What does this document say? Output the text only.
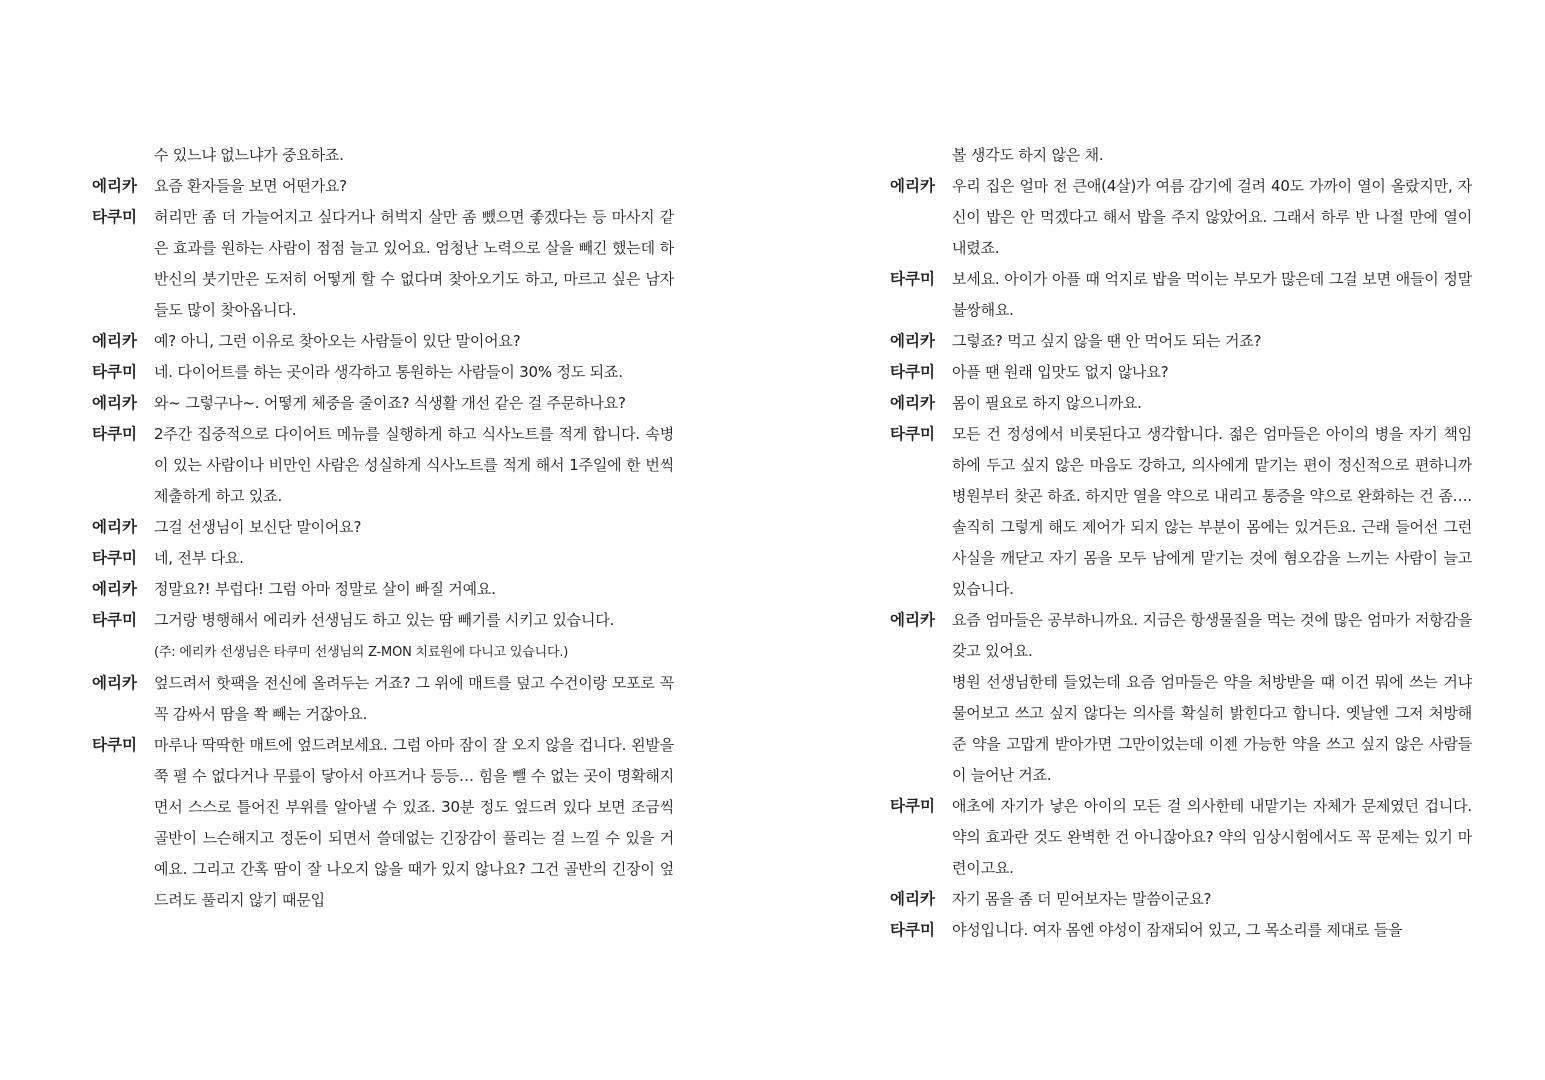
수 있느냐 없느냐가 중요하죠.

에리카	요즘 환자들을 보면 어떤가요?

타쿠미	허리만 좀 더 가늘어지고 싶다거나 허벅지 살만 좀 뺐으면 좋겠다는 등 마사지 같은 효과를 원하는 사람이 점점 늘고 있어요. 엄청난 노력으로 살을 빼긴 했는데 하반신의 붓기만은 도저히 어떻게 할 수 없다며 찾아오기도 하고, 마르고 싶은 남자들도 많이 찾아옵니다.

에리카	예? 아니, 그런 이유로 찾아오는 사람들이 있단 말이어요?

타쿠미	네. 다이어트를 하는 곳이라 생각하고 통원하는 사람들이 30% 정도 되죠.

에리카	와~ 그렇구나~. 어떻게 체중을 줄이죠? 식생활 개선 같은 걸 주문하나요?

타쿠미	2주간 집중적으로 다이어트 메뉴를 실행하게 하고 식사노트를 적게 합니다. 속병이 있는 사람이나 비만인 사람은 성실하게 식사노트를 적게 해서 1주일에 한 번씩 제출하게 하고 있죠.

에리카	그걸 선생님이 보신단 말이어요?

타쿠미	네, 전부 다요.

에리카	정말요?! 부럽다! 그럼 아마 정말로 살이 빠질 거예요.

타쿠미	그거랑 병행해서 에리카 선생님도 하고 있는 땀 빼기를 시키고 있습니다.
(주: 에리카 선생님은 타쿠미 선생님의 Z-MON 치료원에 다니고 있습니다.)
에리카	엎드려서 핫팩을 전신에 올려두는 거죠? 그 위에 매트를 덮고 수건이랑 모포로 꼭꼭 감싸서 땀을 쫙 빼는 거잖아요.

타쿠미	마루나 딱딱한 매트에 엎드려보세요. 그럼 아마 잠이 잘 오지 않을 겁니다. 왼발을 쭉 펼 수 없다거나 무릎이 닿아서 아프거나 등등… 힘을 뺄 수 없는 곳이 명확해지면서 스스로 틀어진 부위를 알아낼 수 있죠. 30분 정도 엎드려 있다 보면 조금씩 골반이 느슨해지고 정돈이 되면서 쓸데없는 긴장감이 풀리는 걸 느낄 수 있을 거예요. 그리고 간혹 땀이 잘 나오지 않을 때가 있지 않나요? 그건 골반의 긴장이 엎드려도 풀리지 않기 때문입

볼 생각도 하지 않은 채.

에리카	우리 집은 얼마 전 큰애(4살)가 여름 감기에 걸려 40도 가까이 열이 올랐지만, 자신이 밥은 안 먹겠다고 해서 밥을 주지 않았어요. 그래서 하루 반 나절 만에 열이 내렸죠.

타쿠미	보세요. 아이가 아플 때 억지로 밥을 먹이는 부모가 많은데 그걸 보면 애들이 정말 불쌍해요.

에리카	그렇죠? 먹고 싶지 않을 땐 안 먹어도 되는 거죠?

타쿠미	아플 땐 원래 입맛도 없지 않나요?

에리카	몸이 필요로 하지 않으니까요.

타쿠미	모든 건 정성에서 비롯된다고 생각합니다. 젊은 엄마들은 아이의 병을 자기 책임하에 두고 싶지 않은 마음도 강하고, 의사에게 맡기는 편이 정신적으로 편하니까 병원부터 찾곤 하죠. 하지만 열을 약으로 내리고 통증을 약으로 완화하는 건 좀…. 솔직히 그렇게 해도 제어가 되지 않는 부분이 몸에는 있거든요. 근래 들어선 그런 사실을 깨닫고 자기 몸을 모두 남에게 맡기는 것에 혐오감을 느끼는 사람이 늘고 있습니다.

에리카	요즘 엄마들은 공부하니까요. 지금은 항생물질을 먹는 것에 많은 엄마가 저항감을 갖고 있어요.

병원 선생님한테 들었는데 요즘 엄마들은 약을 처방받을 때 이건 뭐에 쓰는 거냐 물어보고 쓰고 싶지 않다는 의사를 확실히 밝힌다고 합니다. 옛날엔 그저 처방해준 약을 고맙게 받아가면 그만이었는데 이젠 가능한 약을 쓰고 싶지 않은 사람들이 늘어난 거죠.

타쿠미	애초에 자기가 낳은 아이의 모든 걸 의사한테 내맡기는 자체가 문제였던 겁니다. 약의 효과란 것도 완벽한 건 아니잖아요? 약의 임상시험에서도 꼭 문제는 있기 마련이고요.

에리카	자기 몸을 좀 더 믿어보자는 말씀이군요?

타쿠미	야성입니다. 여자 몸엔 야성이 잠재되어 있고, 그 목소리를 제대로 들을
